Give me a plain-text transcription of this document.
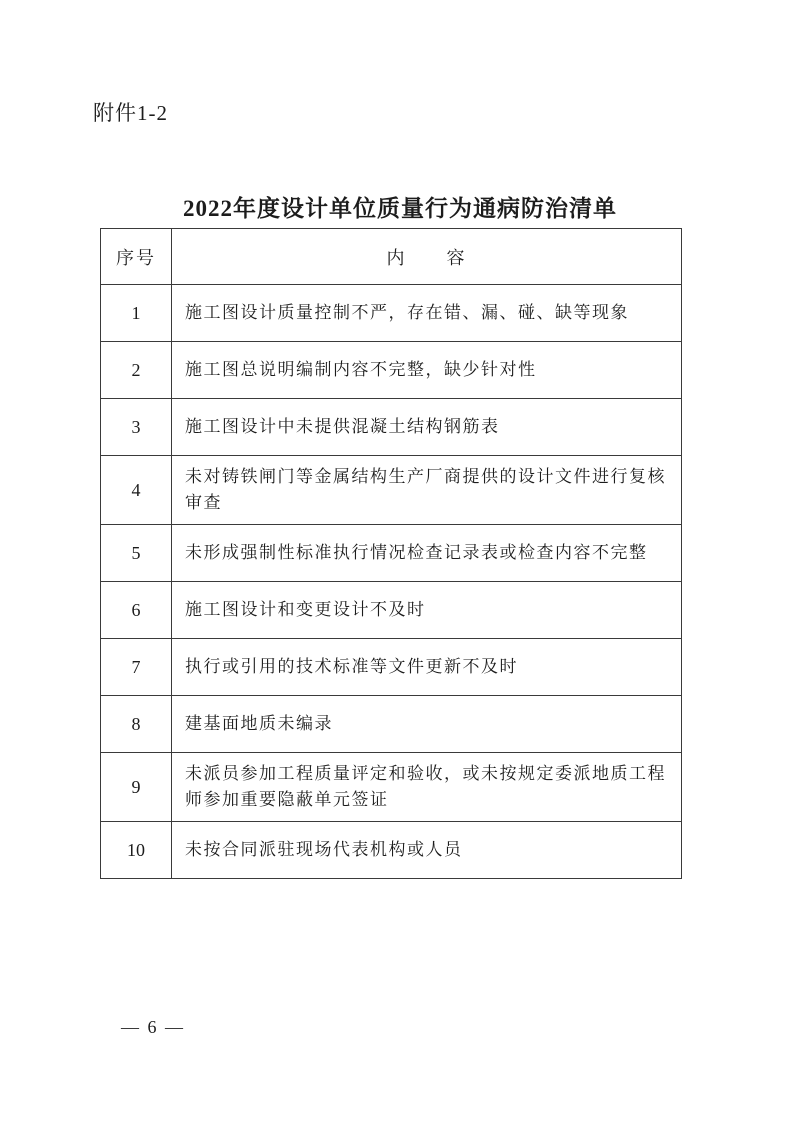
附件1-2
2022年度设计单位质量行为通病防治清单
序号	内　　容
1	施工图设计质量控制不严，存在错、漏、碰、缺等现象
2	施工图总说明编制内容不完整，缺少针对性
3	施工图设计中未提供混凝土结构钢筋表
4	未对铸铁闸门等金属结构生产厂商提供的设计文件进行复核审查
5	未形成强制性标准执行情况检查记录表或检查内容不完整
6	施工图设计和变更设计不及时
7	执行或引用的技术标准等文件更新不及时
8	建基面地质未编录
9	未派员参加工程质量评定和验收，或未按规定委派地质工程师参加重要隐蔽单元签证
10	未按合同派驻现场代表机构或人员
— 6 —
